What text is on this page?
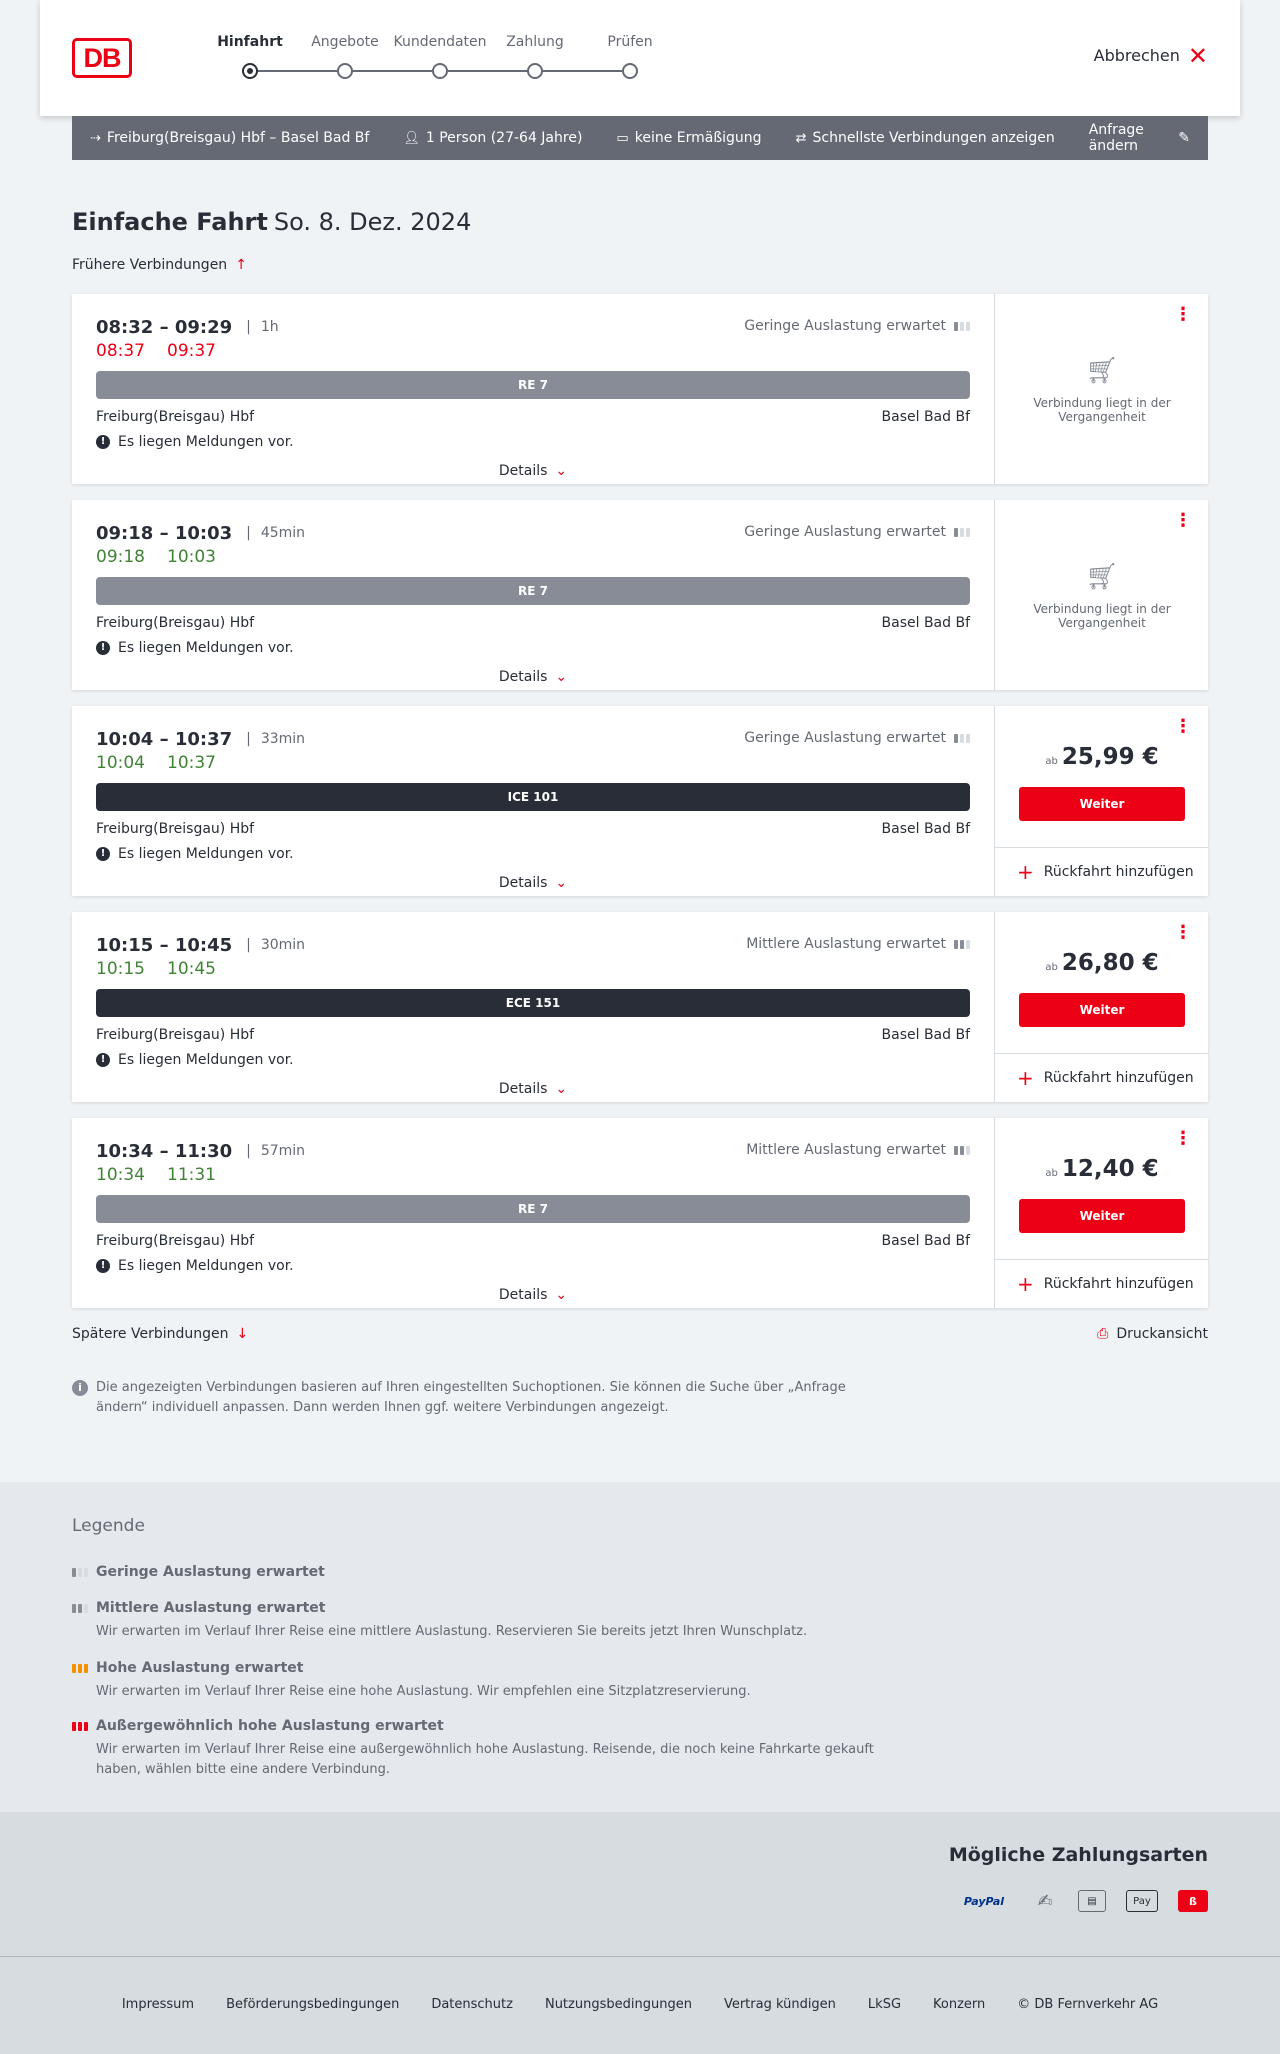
DB
Hinfahrt	Angebote	Kundendaten	Zahlung	Prüfen
Abbrechen ✕
⇢ Freiburg(Breisgau) Hbf – Basel Bad Bf	👤︎ 1 Person (27-64 Jahre)	▭ keine Ermäßigung	⇄ Schnellste Verbindungen anzeigen Anfrage ändern	✎
Einfache Fahrt So. 8. Dez. 2024
Frühere Verbindungen ↑
08:32 – 09:29 | 1h	Geringe Auslastung erwartet
08:37 09:37
RE 7
Freiburg(Breisgau) Hbf	Basel Bad Bf
! Es liegen Meldungen vor.
Details ⌄
⋮
🛒︎
Verbindung liegt in der Vergangenheit
09:18 – 10:03 | 45min	Geringe Auslastung erwartet
09:18 10:03
RE 7
Freiburg(Breisgau) Hbf	Basel Bad Bf
! Es liegen Meldungen vor.
Details ⌄
⋮
🛒︎
Verbindung liegt in der Vergangenheit
10:04 – 10:37 | 33min	Geringe Auslastung erwartet
10:04 10:37
ICE 101
Freiburg(Breisgau) Hbf	Basel Bad Bf
! Es liegen Meldungen vor.
Details ⌄
⋮
ab 25,99 €
Weiter
+ Rückfahrt hinzufügen
10:15 – 10:45 | 30min	Mittlere Auslastung erwartet
10:15 10:45
ECE 151
Freiburg(Breisgau) Hbf	Basel Bad Bf
! Es liegen Meldungen vor.
Details ⌄
⋮
ab 26,80 €
Weiter
+ Rückfahrt hinzufügen
10:34 – 11:30 | 57min	Mittlere Auslastung erwartet
10:34 11:31
RE 7
Freiburg(Breisgau) Hbf	Basel Bad Bf
! Es liegen Meldungen vor.
Details ⌄
⋮
ab 12,40 €
Weiter
+ Rückfahrt hinzufügen
Spätere Verbindungen ↓	⎙ Druckansicht
i	Die angezeigten Verbindungen basieren auf Ihren eingestellten Suchoptionen. Sie können die Suche über „Anfrage ändern“ individuell anpassen. Dann werden Ihnen ggf. weitere Verbindungen angezeigt.
Legende
Geringe Auslastung erwartet
Mittlere Auslastung erwartet
Wir erwarten im Verlauf Ihrer Reise eine mittlere Auslastung. Reservieren Sie bereits jetzt Ihren Wunschplatz.
Hohe Auslastung erwartet
Wir erwarten im Verlauf Ihrer Reise eine hohe Auslastung. Wir empfehlen eine Sitzplatzreservierung.
Außergewöhnlich hohe Auslastung erwartet
Wir erwarten im Verlauf Ihrer Reise eine außergewöhnlich hohe Auslastung. Reisende, die noch keine Fahrkarte gekauft haben, wählen bitte eine andere Verbindung.
Mögliche Zahlungsarten
PayPal	✍	▤	Pay	ß
Impressum Beförderungsbedingungen Datenschutz Nutzungsbedingungen Vertrag kündigen LkSG Konzern © DB Fernverkehr AG
